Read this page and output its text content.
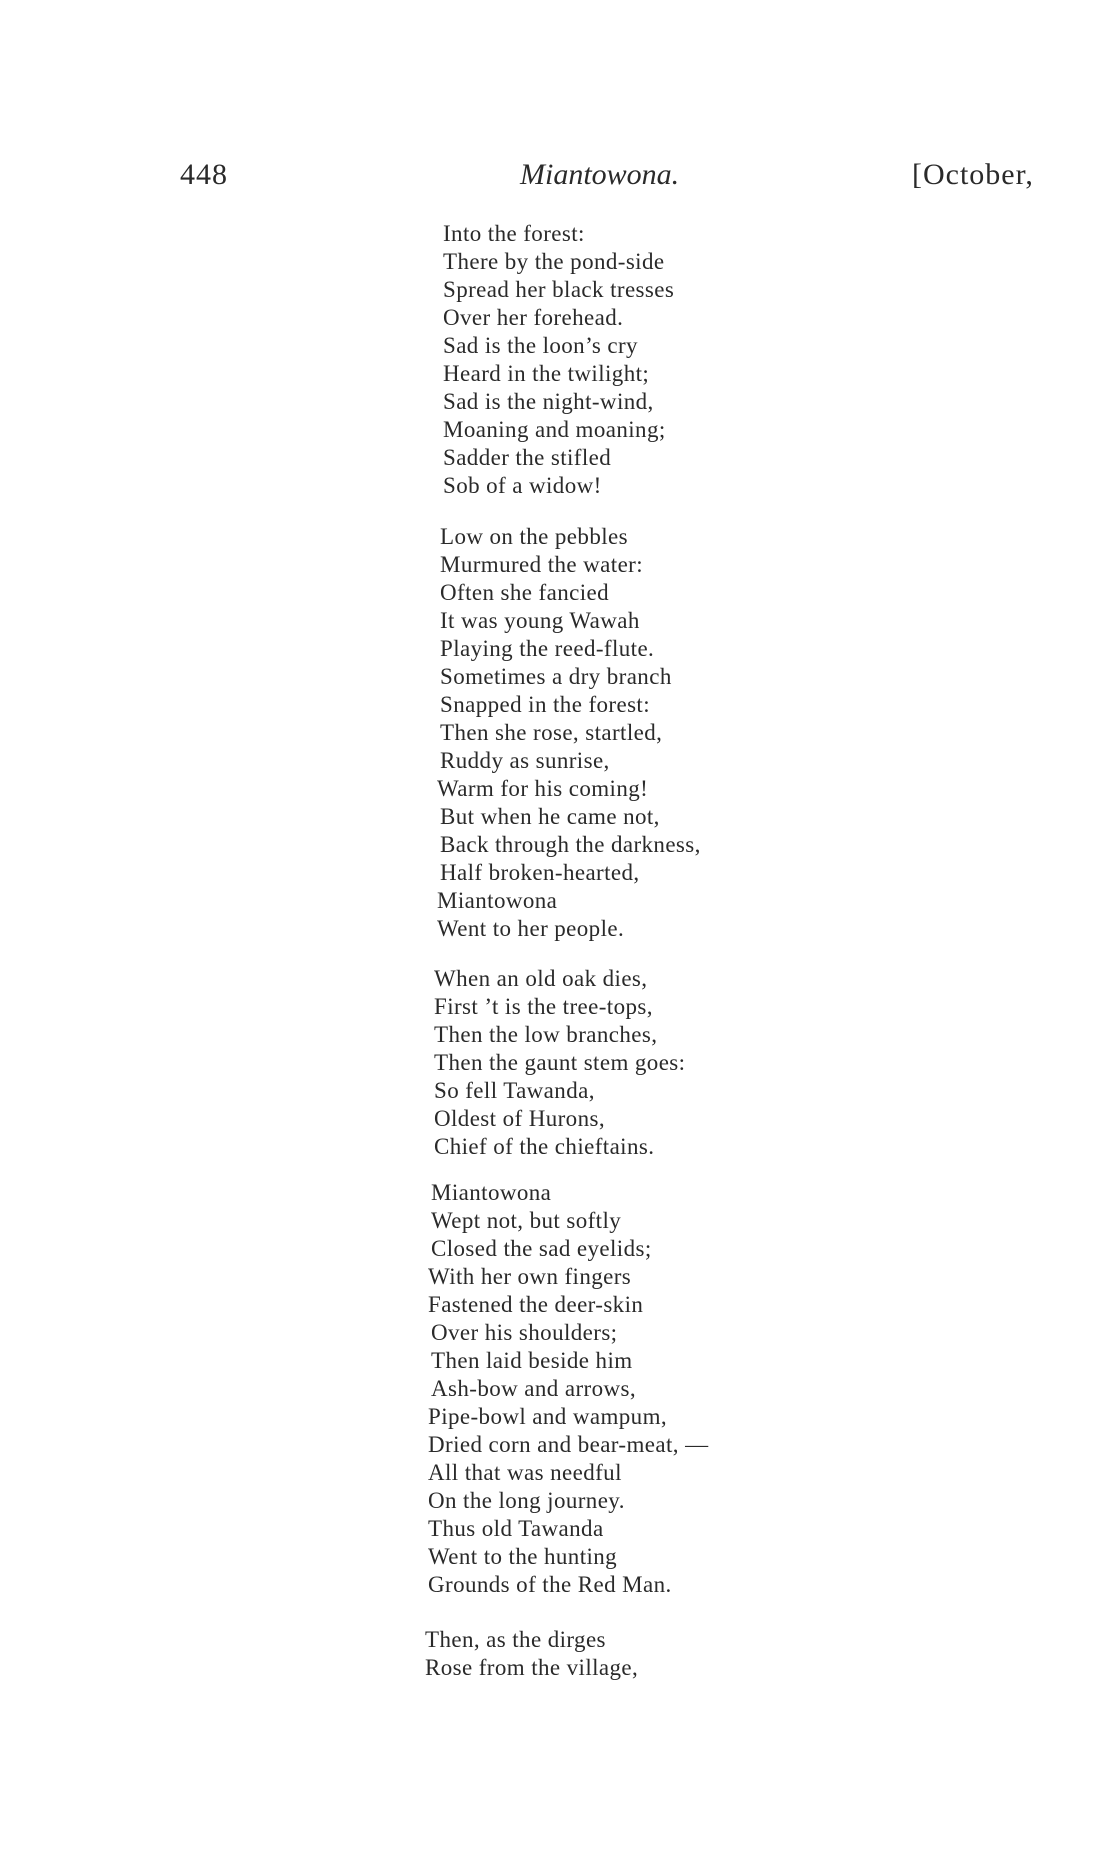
448	Miantowona.	[October,
Into the forest:
There by the pond-side
Spread her black tresses
Over her forehead.
Sad is the loon’s cry
Heard in the twilight;
Sad is the night-wind,
Moaning and moaning;
Sadder the stifled
Sob of a widow!
Low on the pebbles
Murmured the water:
Often she fancied
It was young Wawah
Playing the reed-flute.
Sometimes a dry branch
Snapped in the forest:
Then she rose, startled,
Ruddy as sunrise,
Warm for his coming!
But when he came not,
Back through the darkness,
Half broken-hearted,
Miantowona
Went to her people.
When an old oak dies,
First ’t is the tree-tops,
Then the low branches,
Then the gaunt stem goes:
So fell Tawanda,
Oldest of Hurons,
Chief of the chieftains.
Miantowona
Wept not, but softly
Closed the sad eyelids;
With her own fingers
Fastened the deer-skin
Over his shoulders;
Then laid beside him
Ash-bow and arrows,
Pipe-bowl and wampum,
Dried corn and bear-meat, —
All that was needful
On the long journey.
Thus old Tawanda
Went to the hunting
Grounds of the Red Man.
Then, as the dirges
Rose from the village,
